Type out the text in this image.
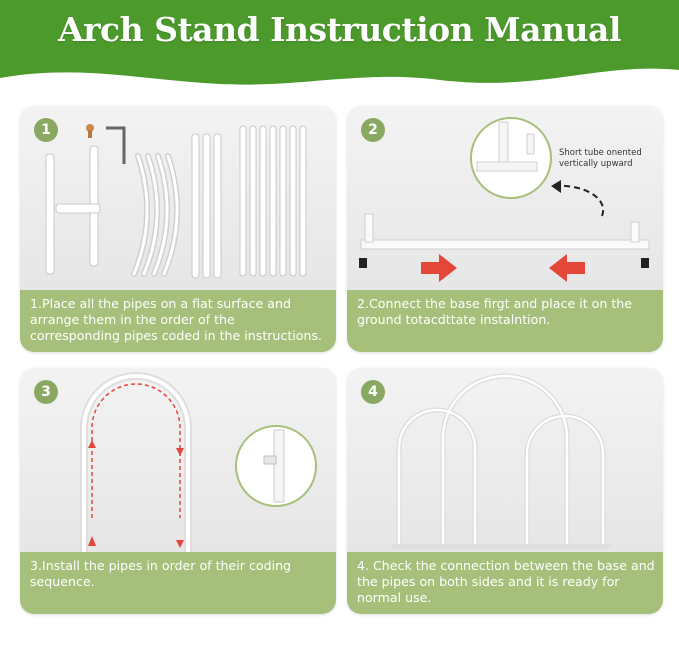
Arch Stand Instruction Manual
1
1.Place all the pipes on a flat surface and arrange them in the order of the corresponding pipes coded in the instructions.
Short tube onented vertically upward
2
2.Connect the base firgt and place it on the ground totacdttate instalntion.
3
3.Install the pipes in order of their coding sequence.
4
4. Check the connection between the base and the pipes on both sides and it is ready for normal use.
